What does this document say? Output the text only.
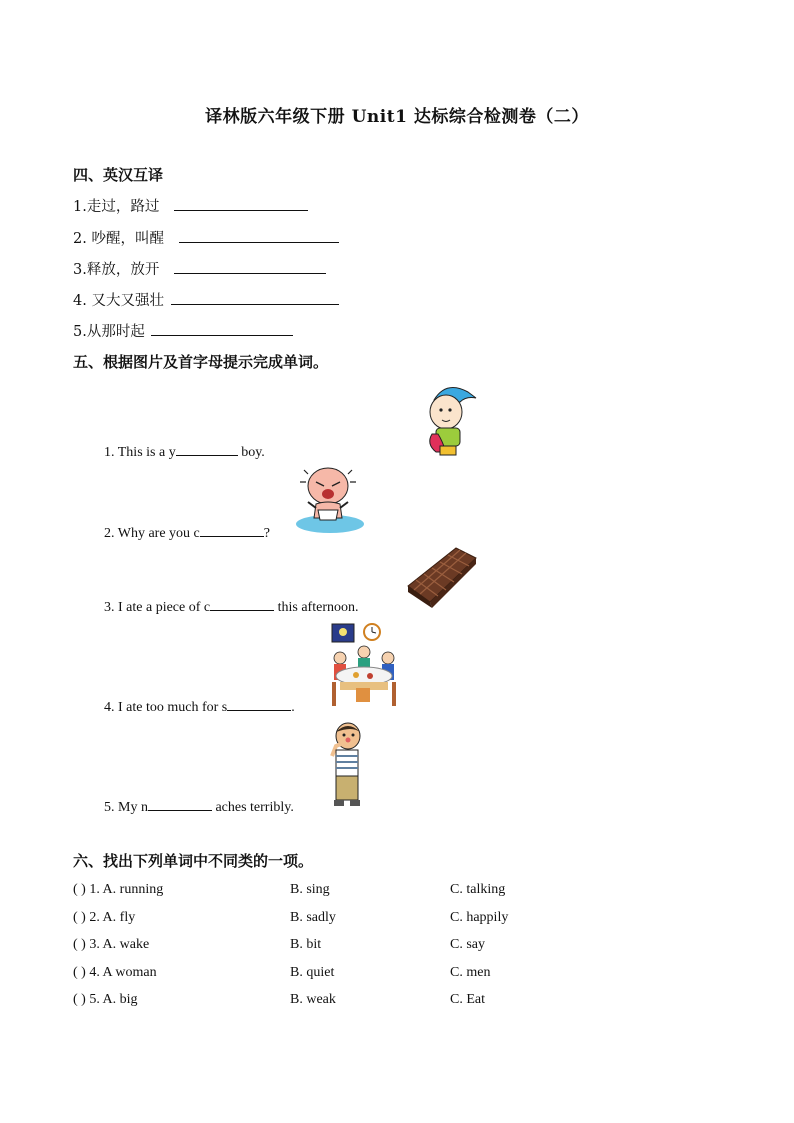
译林版六年级下册 Unit1 达标综合检测卷（二）
四、英汉互译
1.走过，路过
2. 吵醒，叫醒
3.释放，放开
4. 又大又强壮
5.从那时起
五、根据图片及首字母提示完成单词。
1. This is a y	boy.
2. Why are you c	?
3. I ate a piece of c	this afternoon.
4. I ate too much for s	.
5. My n	aches terribly.
六、找出下列单词中不同类的一项。
( ) 1. A. running	B. sing	C. talking
( ) 2. A. fly	B. sadly	C. happily
( ) 3. A. wake	B. bit	C. say
( ) 4. A woman	B. quiet	C. men
( ) 5. A. big	B. weak	C. Eat
